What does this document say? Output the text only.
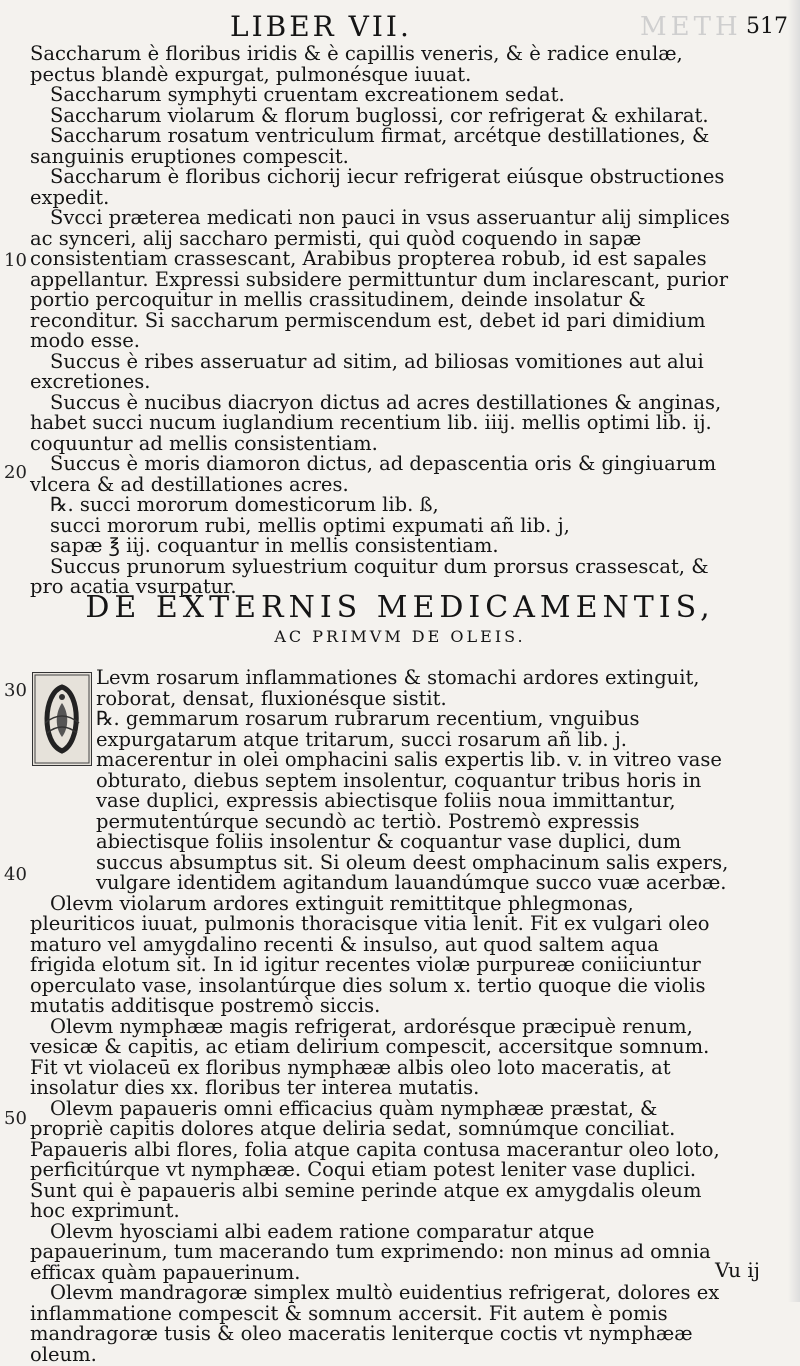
LIBER VII.	METH 517
10
20
30
40
50

Saccharum è floribus iridis & è capillis veneris, & è radice enulæ, pectus blandè expurgat, pulmonésque iuuat.

Saccharum symphyti cruentam excreationem sedat.

Saccharum violarum & florum buglossi, cor refrigerat & exhilarat.

Saccharum rosatum ventriculum firmat, arcétque destillationes, & sanguinis eruptiones compescit.

Saccharum è floribus cichorij iecur refrigerat eiúsque obstructiones expedit.

Svcci præterea medicati non pauci in vsus asseruantur alij simplices ac synceri, alij saccharo permisti, qui quòd coquendo in sapæ consistentiam crassescant, Arabibus propterea robub, id est sapales appellantur. Expressi subsidere permittuntur dum inclarescant, purior portio percoquitur in mellis crassitudinem, deinde insolatur & reconditur. Si saccharum permiscendum est, debet id pari dimidium modo esse.

Succus è ribes asseruatur ad sitim, ad biliosas vomitiones aut alui excretiones.

Succus è nucibus diacryon dictus ad acres destillationes & anginas, habet succi nucum iuglandium recentium lib. iiij. mellis optimi lib. ij. coquuntur ad mellis consistentiam.

Succus è moris diamoron dictus, ad depascentia oris & gingiuarum vlcera & ad destillationes acres.

℞. succi mororum domesticorum lib. ß,

succi mororum rubi, mellis optimi expumati añ lib. j,

sapæ ℥ iij. coquantur in mellis consistentiam.

Succus prunorum syluestrium coquitur dum prorsus crassescat, & pro acatia vsurpatur.

DE EXTERNIS MEDICAMENTIS,
AC PRIMVM DE OLEIS.

Levm rosarum inflammationes & stomachi ardores extinguit, roborat, densat, fluxionésque sistit.

℞. gemmarum rosarum rubrarum recentium, vnguibus expurgatarum atque tritarum, succi rosarum añ lib. j. macerentur in olei omphacini salis expertis lib. v. in vitreo vase obturato, diebus septem insolentur, coquantur tribus horis in vase duplici, expressis abiectisque foliis noua immittantur, permutentúrque secundò ac tertiò. Postremò expressis abiectisque foliis insolentur & coquantur vase duplici, dum succus absumptus sit. Si oleum deest omphacinum salis expers, vulgare identidem agitandum lauandúmque succo vuæ acerbæ.

Olevm violarum ardores extinguit remittitque phlegmonas, pleuriticos iuuat, pulmonis thoracisque vitia lenit. Fit ex vulgari oleo maturo vel amygdalino recenti & insulso, aut quod saltem aqua frigida elotum sit. In id igitur recentes violæ purpureæ coniiciuntur operculato vase, insolantúrque dies solum x. tertio quoque die violis mutatis additisque postremò siccis.

Olevm nymphææ magis refrigerat, ardorésque præcipuè renum, vesicæ & capitis, ac etiam delirium compescit, accersitque somnum. Fit vt violaceū ex floribus nymphææ albis oleo loto maceratis, at insolatur dies xx. floribus ter interea mutatis.

Olevm papaueris omni efficacius quàm nymphææ præstat, & propriè capitis dolores atque deliria sedat, somnúmque conciliat. Papaueris albi flores, folia atque capita contusa macerantur oleo loto, perficitúrque vt nymphææ. Coqui etiam potest leniter vase duplici. Sunt qui è papaueris albi semine perinde atque ex amygdalis oleum hoc exprimunt.

Olevm hyosciami albi eadem ratione comparatur atque papauerinum, tum macerando tum exprimendo: non minus ad omnia efficax quàm papauerinum.

Olevm mandragoræ simplex multò euidentius refrigerat, dolores ex inflammatione compescit & somnum accersit. Fit autem è pomis mandragoræ tusis & oleo maceratis leniterque coctis vt nymphææ oleum.

Vu ij
